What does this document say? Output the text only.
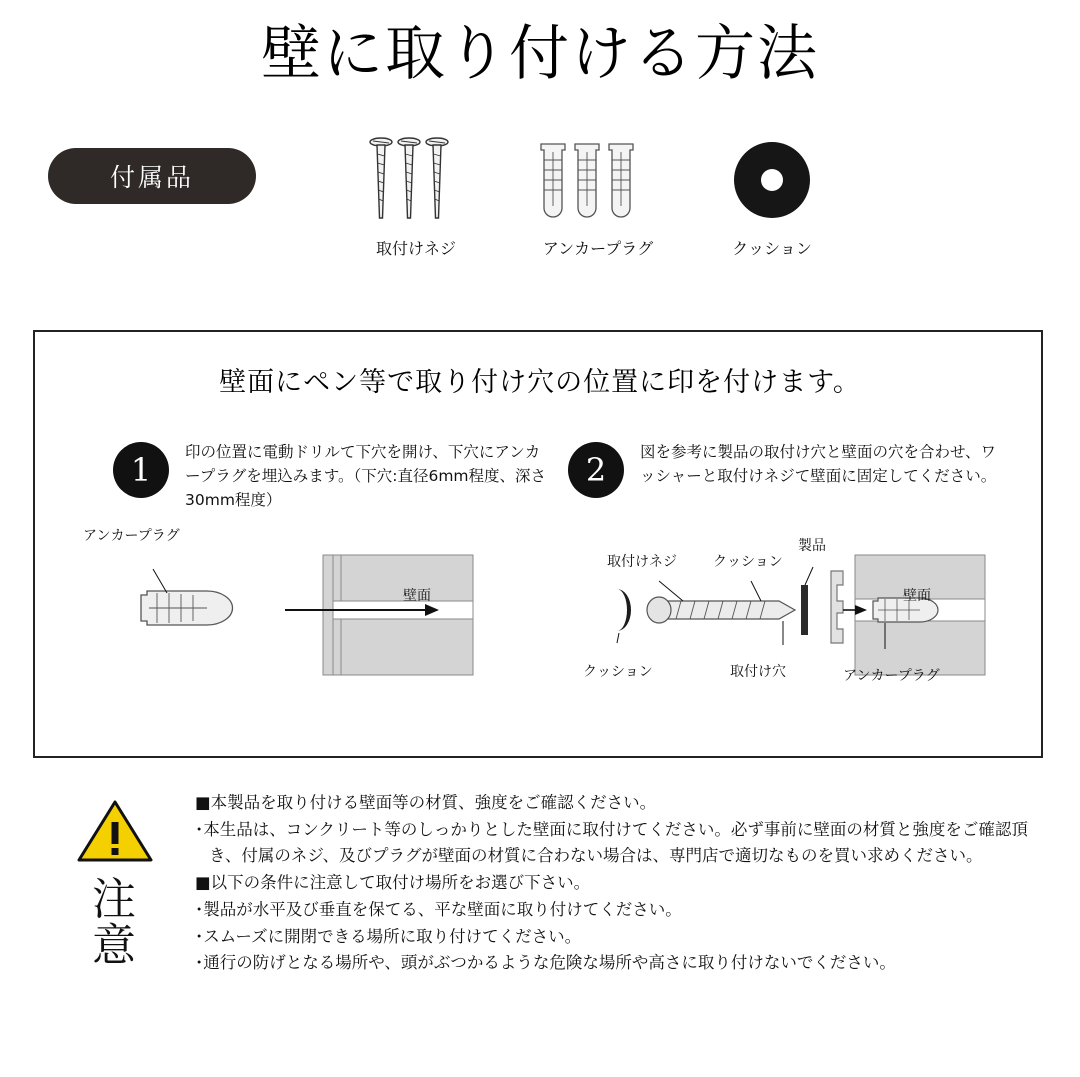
壁に取り付ける方法
付属品
取付けネジ	アンカープラグ	クッション
壁面にペン等で取り付け穴の位置に印を付けます。
1	印の位置に電動ドリルて下穴を開け、下穴にアンカープラグを埋込みます。（下穴:直径6mm程度、深さ30mm程度）
2	図を参考に製品の取付け穴と壁面の穴を合わせ、ワッシャーと取付けネジて壁面に固定してください。
アンカープラグ
壁面
取付けネジ	クッション
製品
クッション	取付け穴	アンカープラグ
壁面
注
意

■本製品を取り付ける壁面等の材質、強度をご確認ください。

･本生品は、コンクリート等のしっかりとした壁面に取付けてください。必ず事前に壁面の材質と強度をご確認頂き、付属のネジ、及びプラグが壁面の材質に合わない場合は、専門店で適切なものを買い求めください。

■以下の条件に注意して取付け場所をお選び下さい。

･製品が水平及び垂直を保てる、平な壁面に取り付けてください。

･スムーズに開閉できる場所に取り付けてください。

･通行の防げとなる場所や、頭がぶつかるような危険な場所や高さに取り付けないでください。
